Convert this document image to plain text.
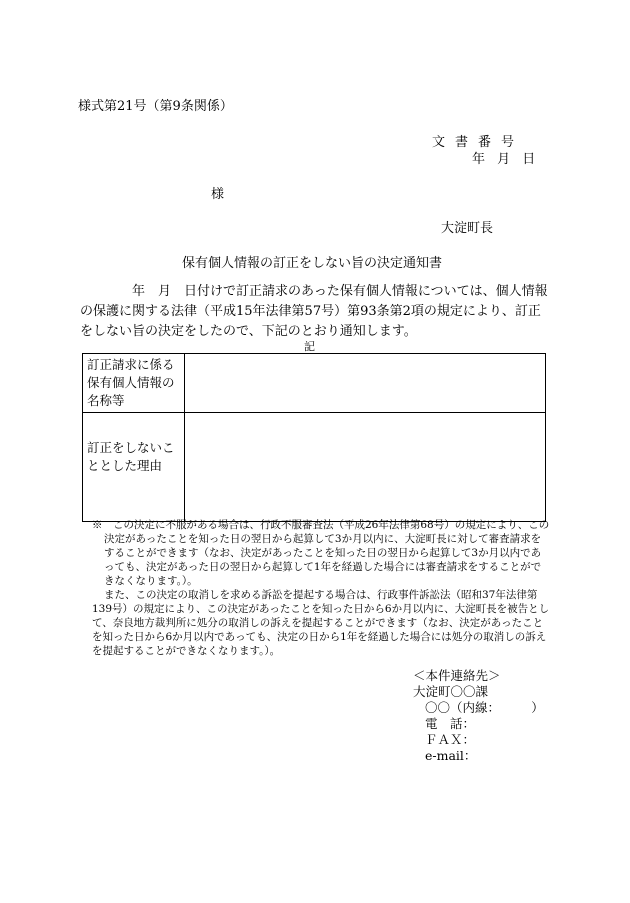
様式第21号（第9条関係）
文書番号
年 月 日
様
大淀町長
保有個人情報の訂正をしない旨の決定通知書
年　月　日付けで訂正請求のあった保有個人情報については、個人情報の保護に関する法律（平成15年法律第57号）第93条第2項の規定により、訂正をしない旨の決定をしたので、下記のとおり通知します。
記
訂正請求に係る保有個人情報の名称等	
訂正をしないこととした理由	

※　この決定に不服がある場合は、行政不服審査法（平成26年法律第68号）の規定により、この決定があったことを知った日の翌日から起算して3か月以内に、大淀町長に対して審査請求をすることができます（なお、決定があったことを知った日の翌日から起算して3か月以内であっても、決定があった日の翌日から起算して1年を経過した場合には審査請求をすることができなくなります。）。

また、この決定の取消しを求める訴訟を提起する場合は、行政事件訴訟法（昭和37年法律第139号）の規定により、この決定があったことを知った日から6か月以内に、大淀町長を被告として、奈良地方裁判所に処分の取消しの訴えを提起することができます（なお、決定があったことを知った日から6か月以内であっても、決定の日から1年を経過した場合には処分の取消しの訴えを提起することができなくなります。）。

＜本件連絡先＞
大淀町〇〇課
〇〇（内線：　　　）
電　話：
ＦＡＸ：
e-mail：
